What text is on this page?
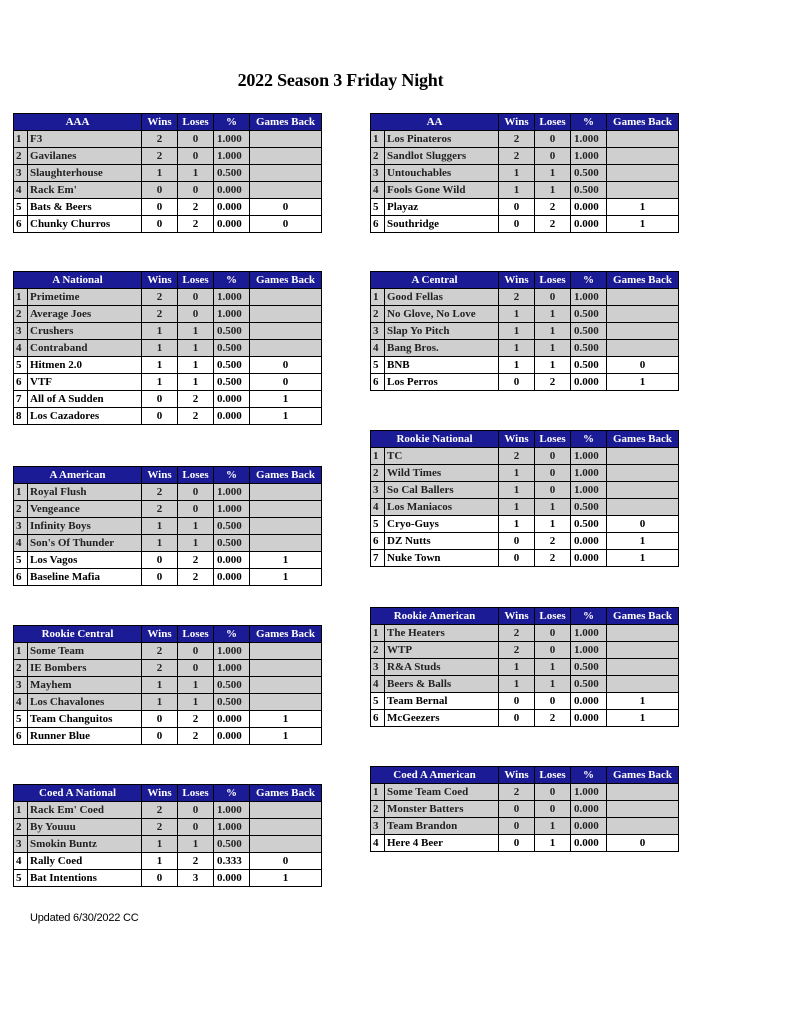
2022 Season 3 Friday Night
AAA		Wins	Loses	%	Games Back
1	F3	2	0	1.000	
2	Gavilanes	2	0	1.000	
3	Slaughterhouse	1	1	0.500	
4	Rack Em'	0	0	0.000	
5	Bats & Beers	0	2	0.000	0
6	Chunky Churros	0	2	0.000	0
A National		Wins	Loses	%	Games Back
1	Primetime	2	0	1.000	
2	Average Joes	2	0	1.000	
3	Crushers	1	1	0.500	
4	Contraband	1	1	0.500	
5	Hitmen 2.0	1	1	0.500	0
6	VTF	1	1	0.500	0
7	All of A Sudden	0	2	0.000	1
8	Los Cazadores	0	2	0.000	1
A American		Wins	Loses	%	Games Back
1	Royal Flush	2	0	1.000	
2	Vengeance	2	0	1.000	
3	Infinity Boys	1	1	0.500	
4	Son's Of Thunder	1	1	0.500	
5	Los Vagos	0	2	0.000	1
6	Baseline Mafia	0	2	0.000	1
Rookie Central		Wins	Loses	%	Games Back
1	Some Team	2	0	1.000	
2	IE Bombers	2	0	1.000	
3	Mayhem	1	1	0.500	
4	Los Chavalones	1	1	0.500	
5	Team Changuitos	0	2	0.000	1
6	Runner Blue	0	2	0.000	1
Coed A National		Wins	Loses	%	Games Back
1	Rack Em' Coed	2	0	1.000	
2	By Youuu	2	0	1.000	
3	Smokin Buntz	1	1	0.500	
4	Rally Coed	1	2	0.333	0
5	Bat Intentions	0	3	0.000	1
AA		Wins	Loses	%	Games Back
1	Los Pinateros	2	0	1.000	
2	Sandlot Sluggers	2	0	1.000	
3	Untouchables	1	1	0.500	
4	Fools Gone Wild	1	1	0.500	
5	Playaz	0	2	0.000	1
6	Southridge	0	2	0.000	1
A Central		Wins	Loses	%	Games Back
1	Good Fellas	2	0	1.000	
2	No Glove, No Love	1	1	0.500	
3	Slap Yo Pitch	1	1	0.500	
4	Bang Bros.	1	1	0.500	
5	BNB	1	1	0.500	0
6	Los Perros	0	2	0.000	1
Rookie National		Wins	Loses	%	Games Back
1	TC	2	0	1.000	
2	Wild Times	1	0	1.000	
3	So Cal Ballers	1	0	1.000	
4	Los Maniacos	1	1	0.500	
5	Cryo-Guys	1	1	0.500	0
6	DZ Nutts	0	2	0.000	1
7	Nuke Town	0	2	0.000	1
Rookie American		Wins	Loses	%	Games Back
1	The Heaters	2	0	1.000	
2	WTP	2	0	1.000	
3	R&A Studs	1	1	0.500	
4	Beers & Balls	1	1	0.500	
5	Team Bernal	0	0	0.000	1
6	McGeezers	0	2	0.000	1
Coed A American		Wins	Loses	%	Games Back
1	Some Team Coed	2	0	1.000	
2	Monster Batters	0	0	0.000	
3	Team Brandon	0	1	0.000	
4	Here 4 Beer	0	1	0.000	0
Updated 6/30/2022 CC
